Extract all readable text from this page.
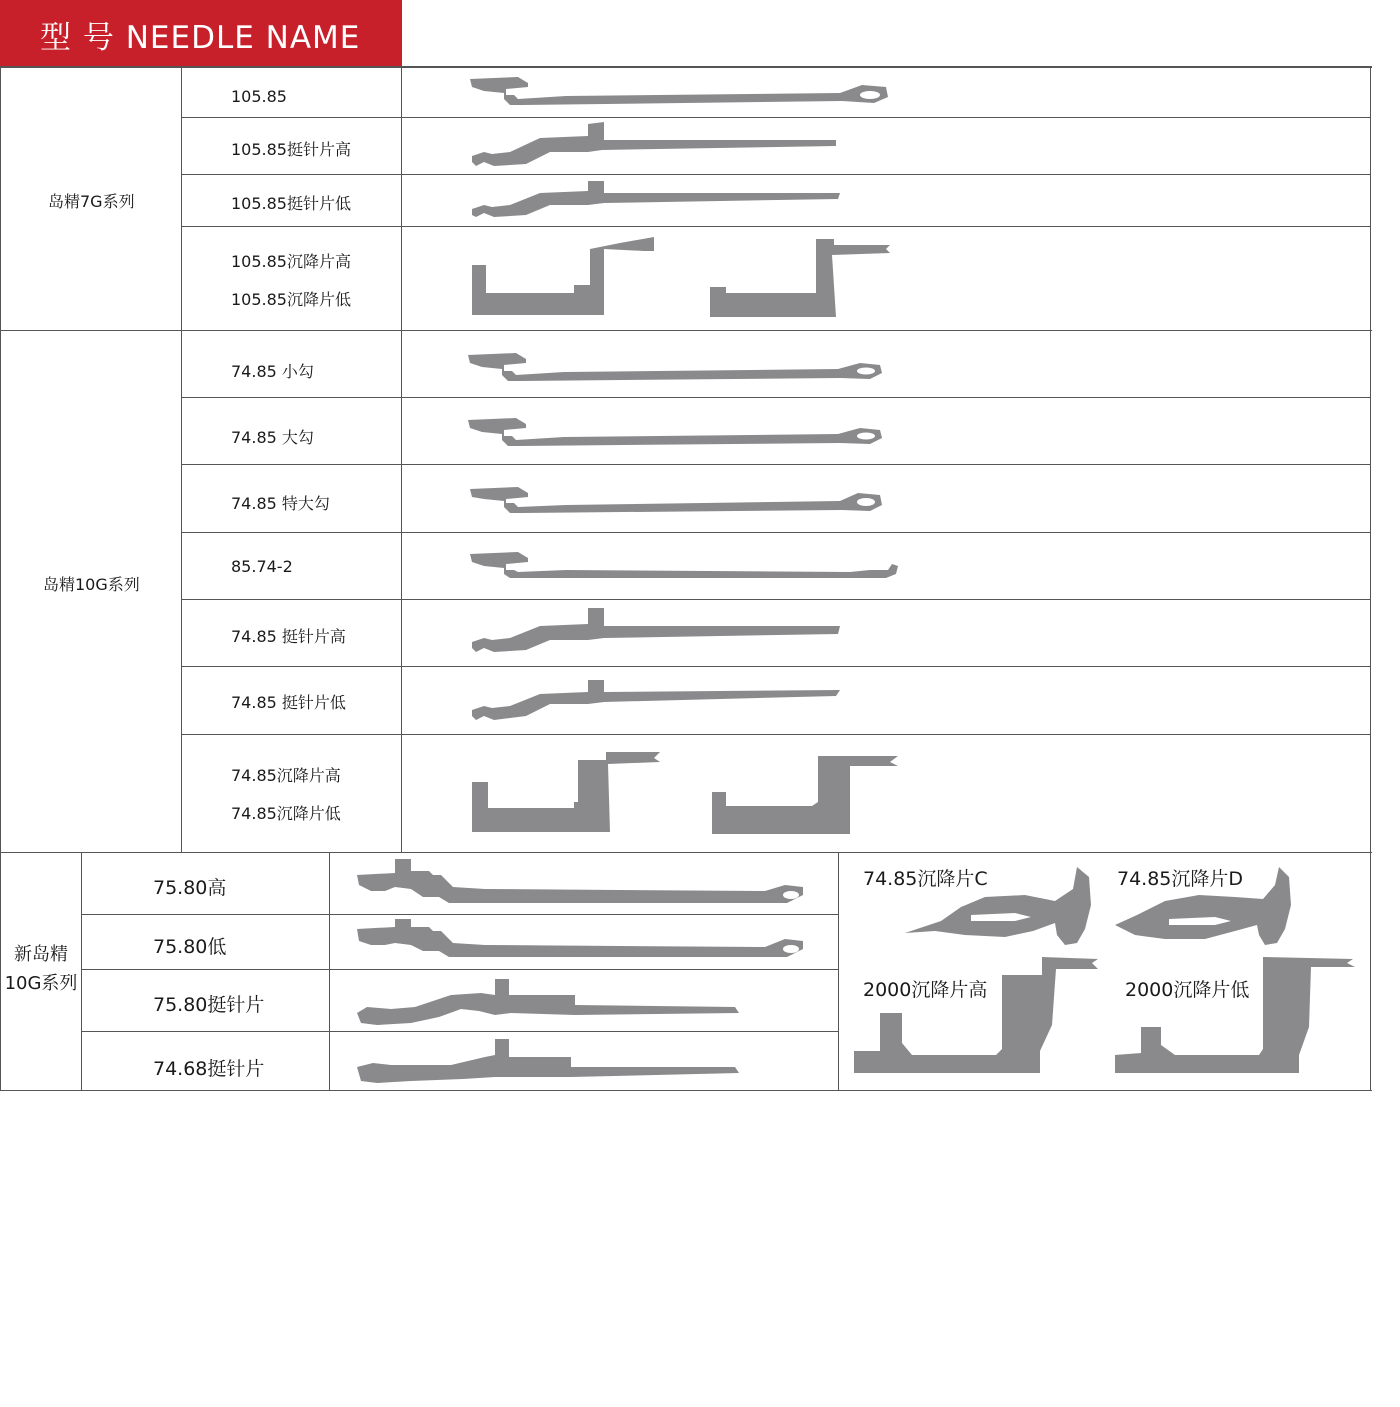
型 号 NEEDLE NAME
岛精7G系列
岛精10G系列
新岛精
10G系列
105.85
105.85挺针片高
105.85挺针片低
105.85沉降片高
105.85沉降片低
74.85 小勾
74.85 大勾
74.85 特大勾
85.74-2
74.85 挺针片高
74.85 挺针片低
74.85沉降片高
74.85沉降片低
75.80高
75.80低
75.80挺针片
74.68挺针片
74.85沉降片C	74.85沉降片D
2000沉降片高	2000沉降片低
